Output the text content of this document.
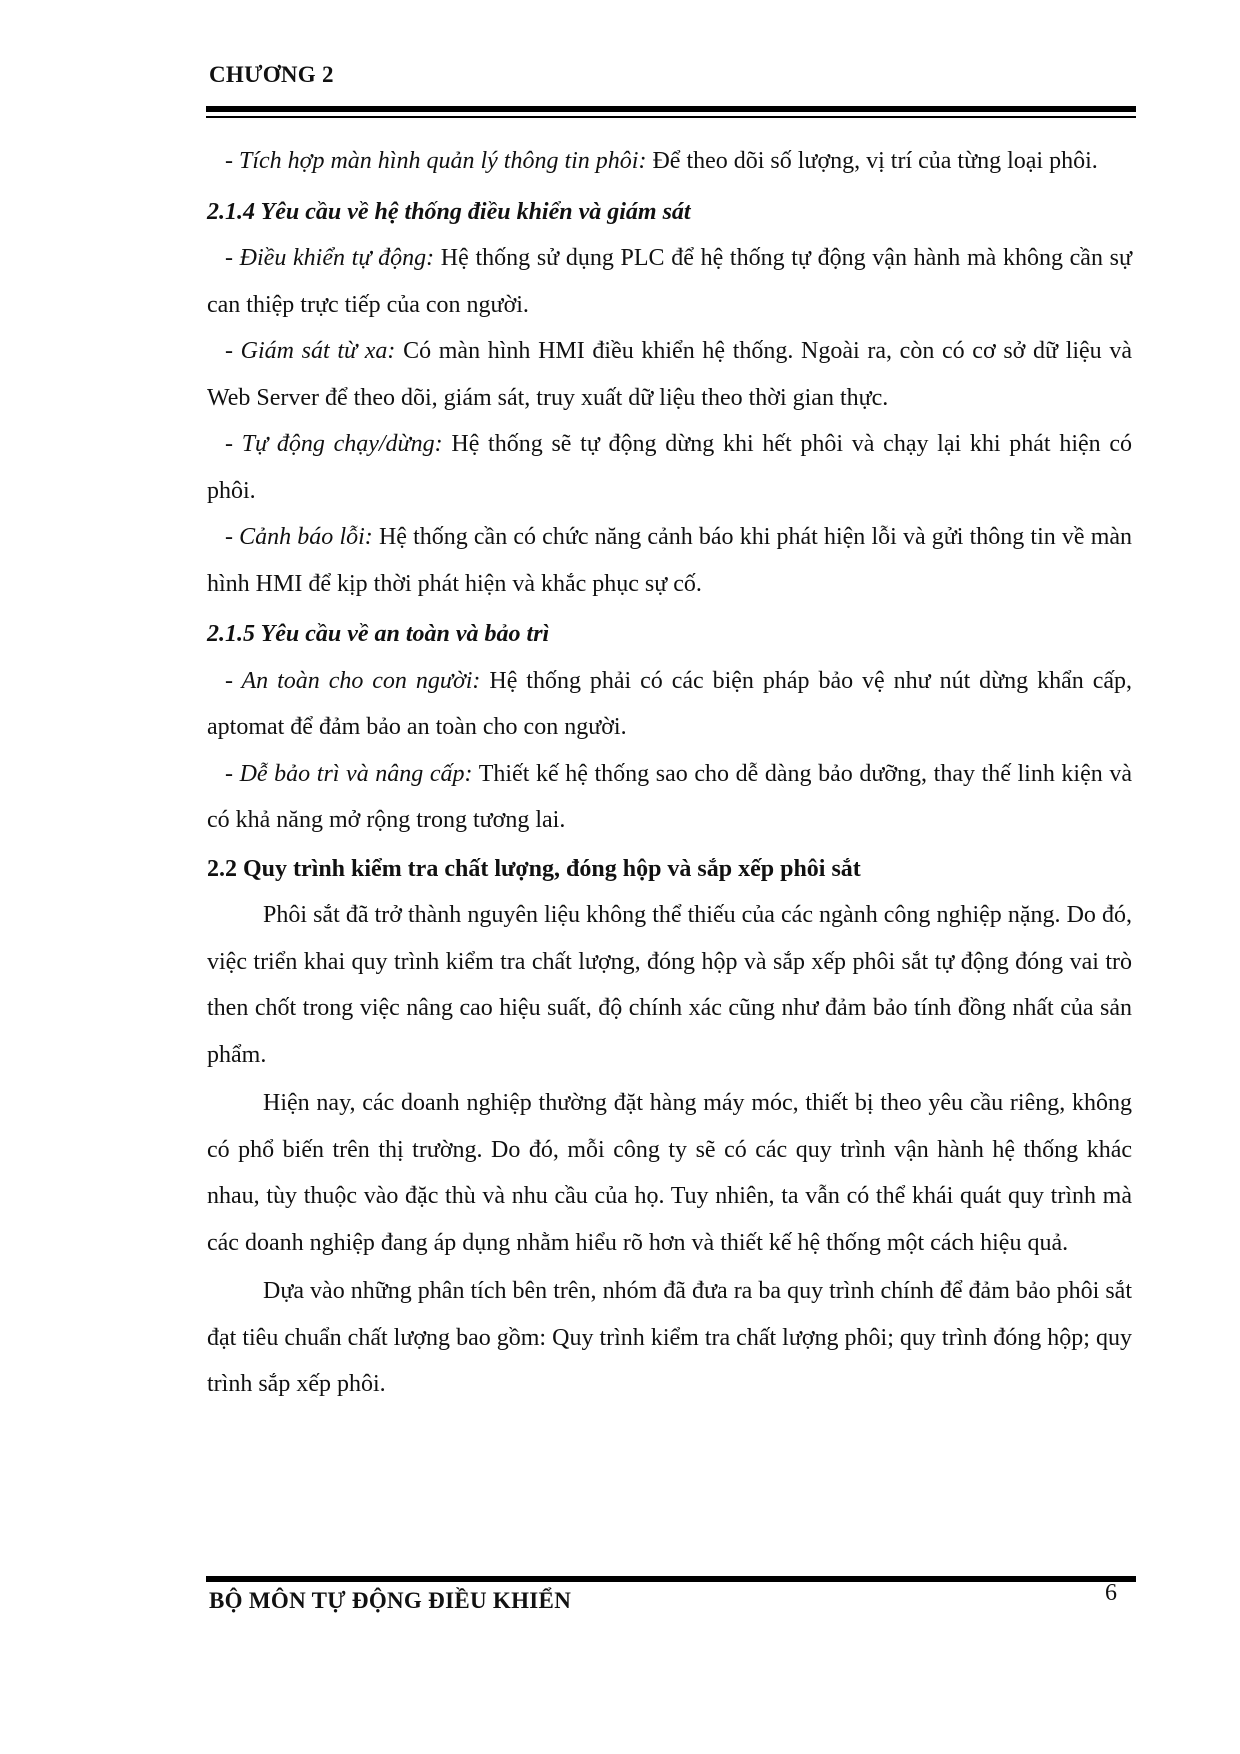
CHƯƠNG 2

- Tích hợp màn hình quản lý thông tin phôi: Để theo dõi số lượng, vị trí của từng loại phôi.

2.1.4 Yêu cầu về hệ thống điều khiển và giám sát

- Điều khiển tự động: Hệ thống sử dụng PLC để hệ thống tự động vận hành mà không cần sự can thiệp trực tiếp của con người.

- Giám sát từ xa: Có màn hình HMI điều khiển hệ thống. Ngoài ra, còn có cơ sở dữ liệu và Web Server để theo dõi, giám sát, truy xuất dữ liệu theo thời gian thực.

- Tự động chạy/dừng: Hệ thống sẽ tự động dừng khi hết phôi và chạy lại khi phát hiện có phôi.

- Cảnh báo lỗi: Hệ thống cần có chức năng cảnh báo khi phát hiện lỗi và gửi thông tin về màn hình HMI để kịp thời phát hiện và khắc phục sự cố.

2.1.5 Yêu cầu về an toàn và bảo trì

- An toàn cho con người: Hệ thống phải có các biện pháp bảo vệ như nút dừng khẩn cấp, aptomat để đảm bảo an toàn cho con người.

- Dễ bảo trì và nâng cấp: Thiết kế hệ thống sao cho dễ dàng bảo dưỡng, thay thế linh kiện và có khả năng mở rộng trong tương lai.

2.2 Quy trình kiểm tra chất lượng, đóng hộp và sắp xếp phôi sắt

Phôi sắt đã trở thành nguyên liệu không thể thiếu của các ngành công nghiệp nặng. Do đó, việc triển khai quy trình kiểm tra chất lượng, đóng hộp và sắp xếp phôi sắt tự động đóng vai trò then chốt trong việc nâng cao hiệu suất, độ chính xác cũng như đảm bảo tính đồng nhất của sản phẩm.

Hiện nay, các doanh nghiệp thường đặt hàng máy móc, thiết bị theo yêu cầu riêng, không có phổ biến trên thị trường. Do đó, mỗi công ty sẽ có các quy trình vận hành hệ thống khác nhau, tùy thuộc vào đặc thù và nhu cầu của họ. Tuy nhiên, ta vẫn có thể khái quát quy trình mà các doanh nghiệp đang áp dụng nhằm hiểu rõ hơn và thiết kế hệ thống một cách hiệu quả.

Dựa vào những phân tích bên trên, nhóm đã đưa ra ba quy trình chính để đảm bảo phôi sắt đạt tiêu chuẩn chất lượng bao gồm: Quy trình kiểm tra chất lượng phôi; quy trình đóng hộp; quy trình sắp xếp phôi.

BỘ MÔN TỰ ĐỘNG ĐIỀU KHIỂN	6
